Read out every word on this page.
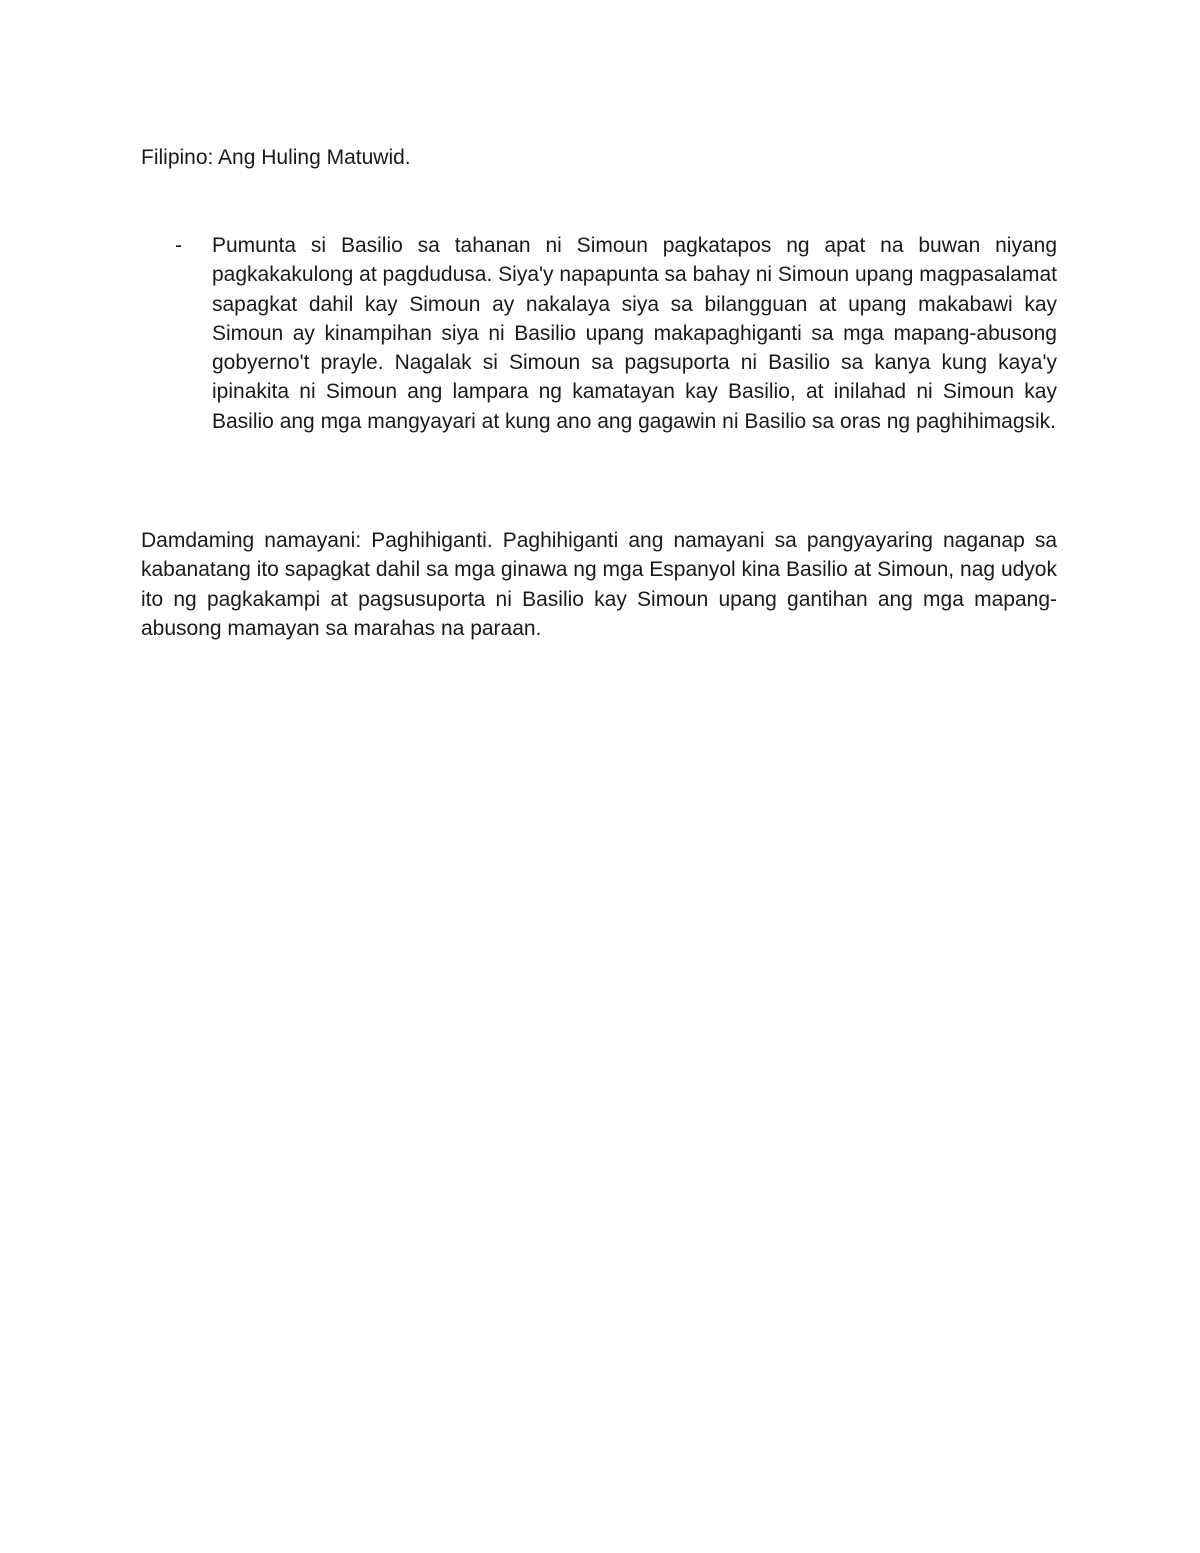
Filipino: Ang Huling Matuwid.
- Pumunta si Basilio sa tahanan ni Simoun pagkatapos ng apat na buwan niyang pagkakakulong at pagdudusa. Siya'y napapunta sa bahay ni Simoun upang magpasalamat sapagkat dahil kay Simoun ay nakalaya siya sa bilangguan at upang makabawi kay Simoun ay kinampihan siya ni Basilio upang makapaghiganti sa mga mapang-abusong gobyerno't prayle. Nagalak si Simoun sa pagsuporta ni Basilio sa kanya kung kaya'y ipinakita ni Simoun ang lampara ng kamatayan kay Basilio, at inilahad ni Simoun kay Basilio ang mga mangyayari at kung ano ang gagawin ni Basilio sa oras ng paghihimagsik.
Damdaming namayani: Paghihiganti. Paghihiganti ang namayani sa pangyayaring naganap sa kabanatang ito sapagkat dahil sa mga ginawa ng mga Espanyol kina Basilio at Simoun, nag udyok ito ng pagkakampi at pagsusuporta ni Basilio kay Simoun upang gantihan ang mga mapang-abusong mamayan sa marahas na paraan.
